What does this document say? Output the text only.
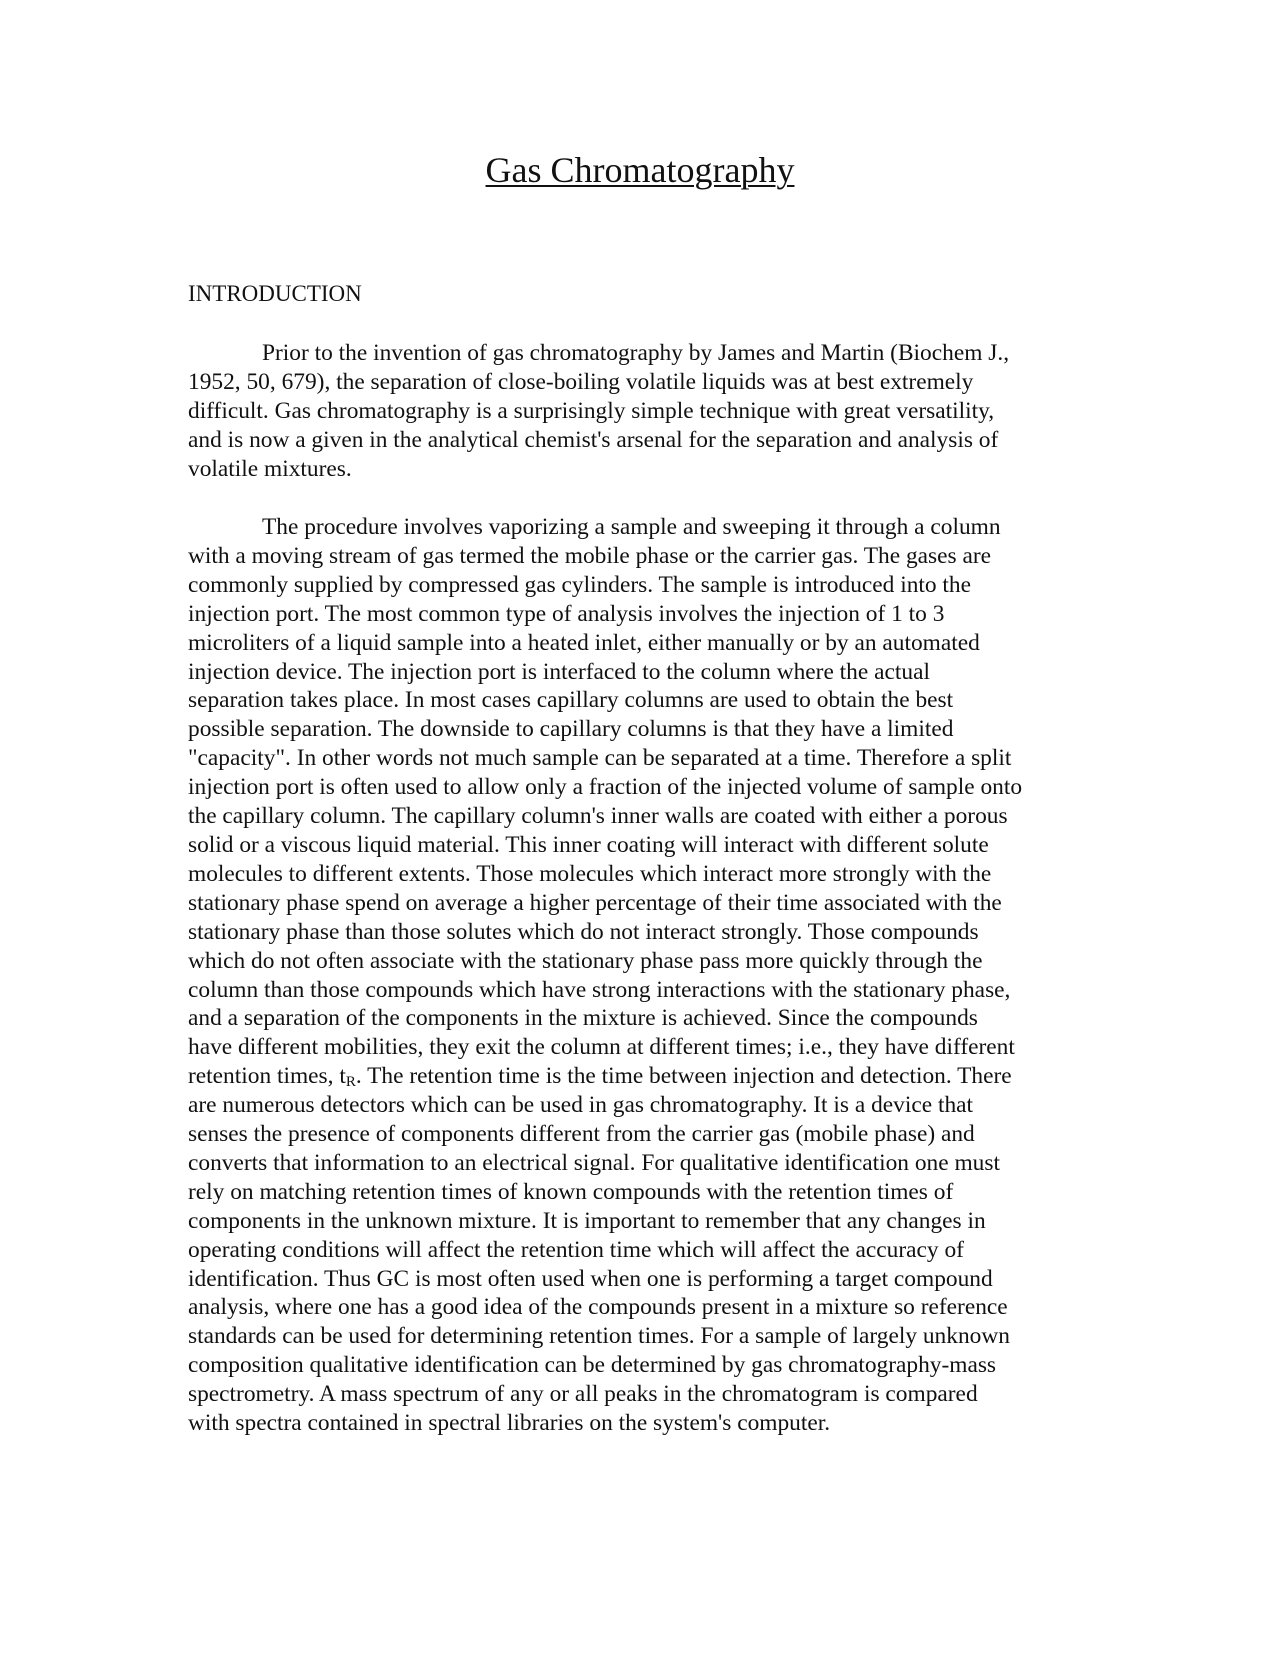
Gas Chromatography
INTRODUCTION

Prior to the invention of gas chromatography by James and Martin (Biochem J.,
1952, 50, 679), the separation of close-boiling volatile liquids was at best extremely
difficult. Gas chromatography is a surprisingly simple technique with great versatility,
and is now a given in the analytical chemist's arsenal for the separation and analysis of
volatile mixtures.

The procedure involves vaporizing a sample and sweeping it through a column
with a moving stream of gas termed the mobile phase or the carrier gas. The gases are
commonly supplied by compressed gas cylinders. The sample is introduced into the
injection port. The most common type of analysis involves the injection of 1 to 3
microliters of a liquid sample into a heated inlet, either manually or by an automated
injection device. The injection port is interfaced to the column where the actual
separation takes place. In most cases capillary columns are used to obtain the best
possible separation. The downside to capillary columns is that they have a limited
"capacity". In other words not much sample can be separated at a time. Therefore a split
injection port is often used to allow only a fraction of the injected volume of sample onto
the capillary column. The capillary column's inner walls are coated with either a porous
solid or a viscous liquid material. This inner coating will interact with different solute
molecules to different extents. Those molecules which interact more strongly with the
stationary phase spend on average a higher percentage of their time associated with the
stationary phase than those solutes which do not interact strongly. Those compounds
which do not often associate with the stationary phase pass more quickly through the
column than those compounds which have strong interactions with the stationary phase,
and a separation of the components in the mixture is achieved. Since the compounds
have different mobilities, they exit the column at different times; i.e., they have different
retention times, $t_R$. The retention time is the time between injection and detection. There
are numerous detectors which can be used in gas chromatography. It is a device that
senses the presence of components different from the carrier gas (mobile phase) and
converts that information to an electrical signal. For qualitative identification one must
rely on matching retention times of known compounds with the retention times of
components in the unknown mixture. It is important to remember that any changes in
operating conditions will affect the retention time which will affect the accuracy of
identification. Thus GC is most often used when one is performing a target compound
analysis, where one has a good idea of the compounds present in a mixture so reference
standards can be used for determining retention times. For a sample of largely unknown
composition qualitative identification can be determined by gas chromatography-mass
spectrometry. A mass spectrum of any or all peaks in the chromatogram is compared
with spectra contained in spectral libraries on the system's computer.
